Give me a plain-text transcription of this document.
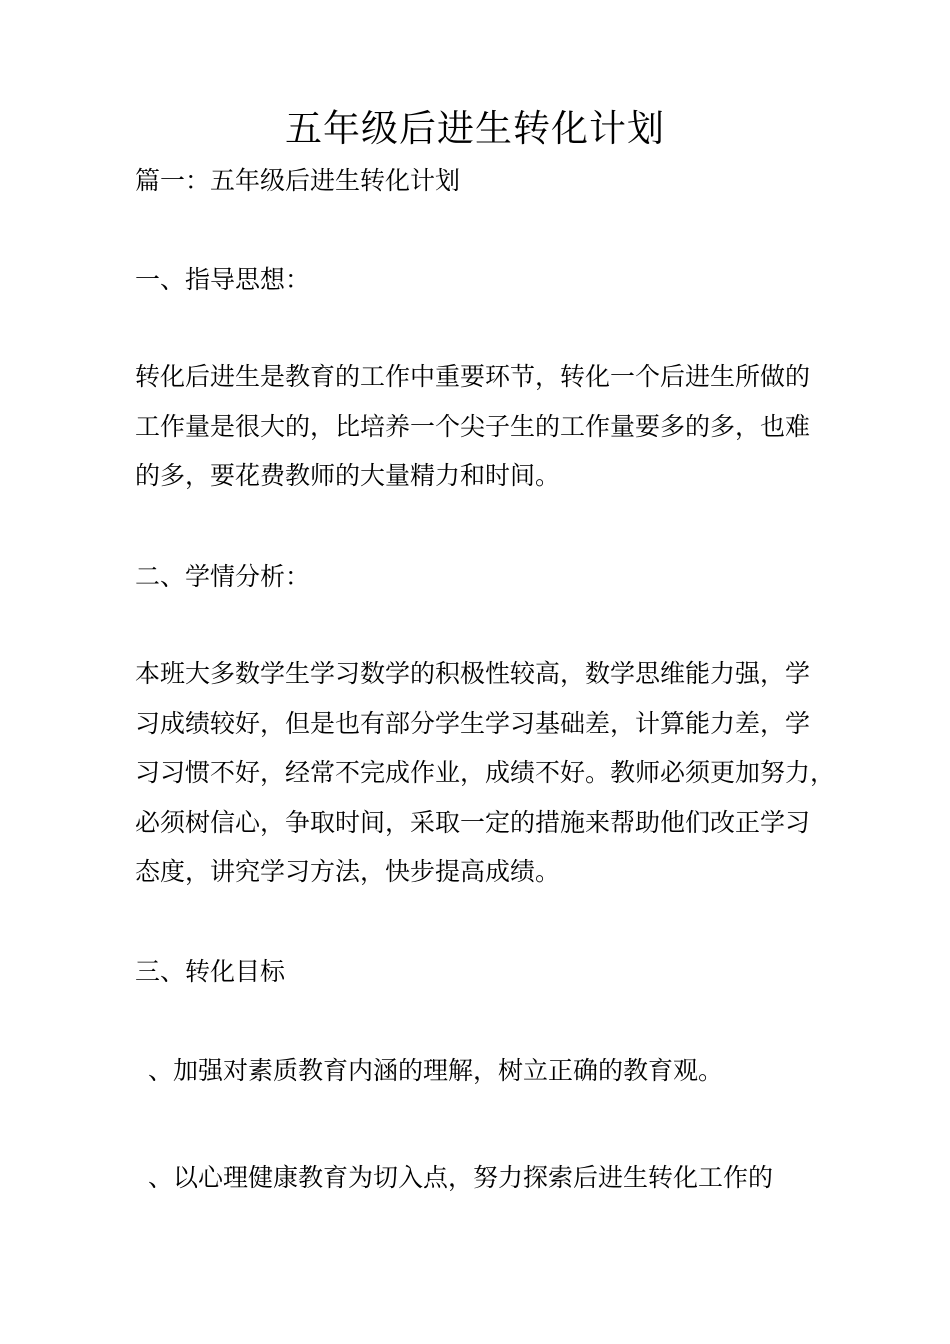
五年级后进生转化计划
篇一：五年级后进生转化计划
一、指导思想：

转化后进生是教育的工作中重要环节，转化一个后进生所做的

工作量是很大的，比培养一个尖子生的工作量要多的多，也难

的多，要花费教师的大量精力和时间。

二、学情分析：

本班大多数学生学习数学的积极性较高，数学思维能力强，学

习成绩较好，但是也有部分学生学习基础差，计算能力差，学

习习惯不好，经常不完成作业，成绩不好。教师必须更加努力，

必须树信心，争取时间，采取一定的措施来帮助他们改正学习

态度，讲究学习方法，快步提高成绩。

三、转化目标
、加强对素质教育内涵的理解，树立正确的教育观。
、以心理健康教育为切入点，努力探索后进生转化工作的
